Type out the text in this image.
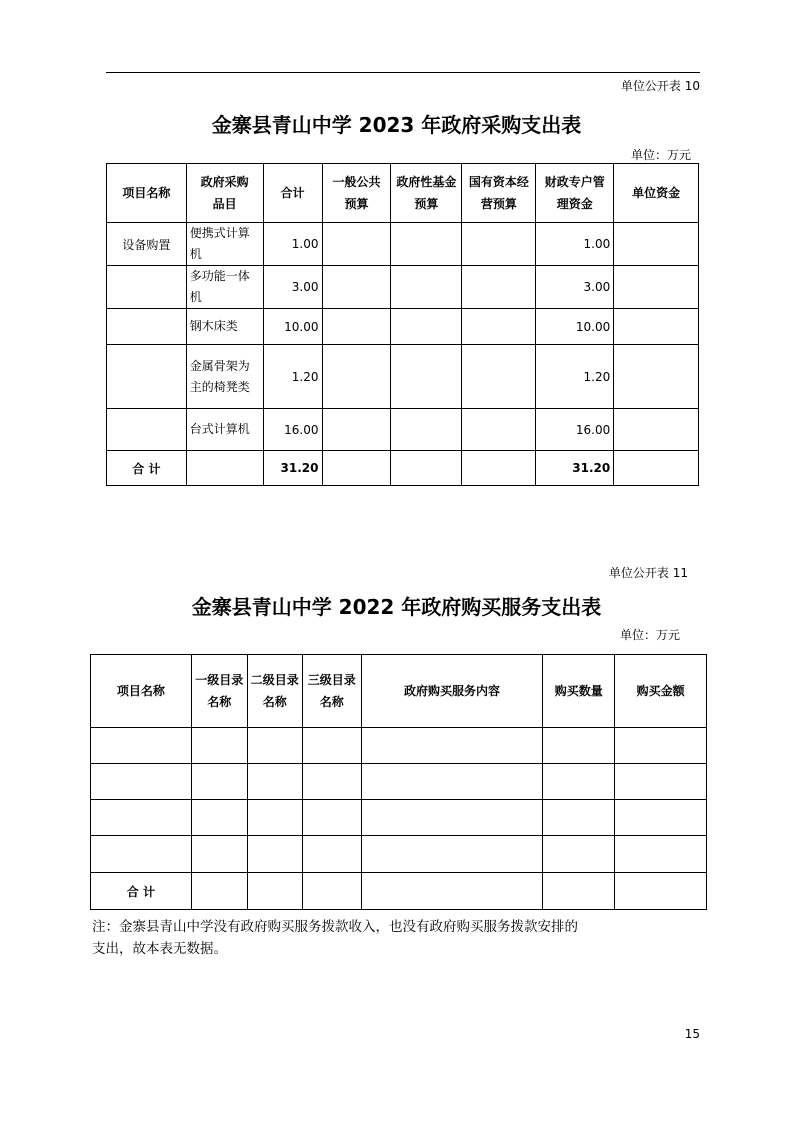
单位公开表 10
金寨县青山中学 2023 年政府采购支出表
单位：万元
项目名称	政府采购品目	合计	一般公共预算	政府性基金预算	国有资本经营预算	财政专户管理资金	单位资金
设备购置	便携式计算机	1.00				1.00	
	多功能一体机	3.00				3.00	
	钢木床类	10.00				10.00	
	金属骨架为主的椅凳类	1.20				1.20	
	台式计算机	16.00				16.00	
合 计		31.20				31.20	
单位公开表 11
金寨县青山中学 2022 年政府购买服务支出表
单位：万元
项目名称	一级目录名称	二级目录名称	三级目录名称	政府购买服务内容	购买数量	购买金额

合 计						
注：金寨县青山中学没有政府购买服务拨款收入，也没有政府购买服务拨款安排的
支出，故本表无数据。
15
